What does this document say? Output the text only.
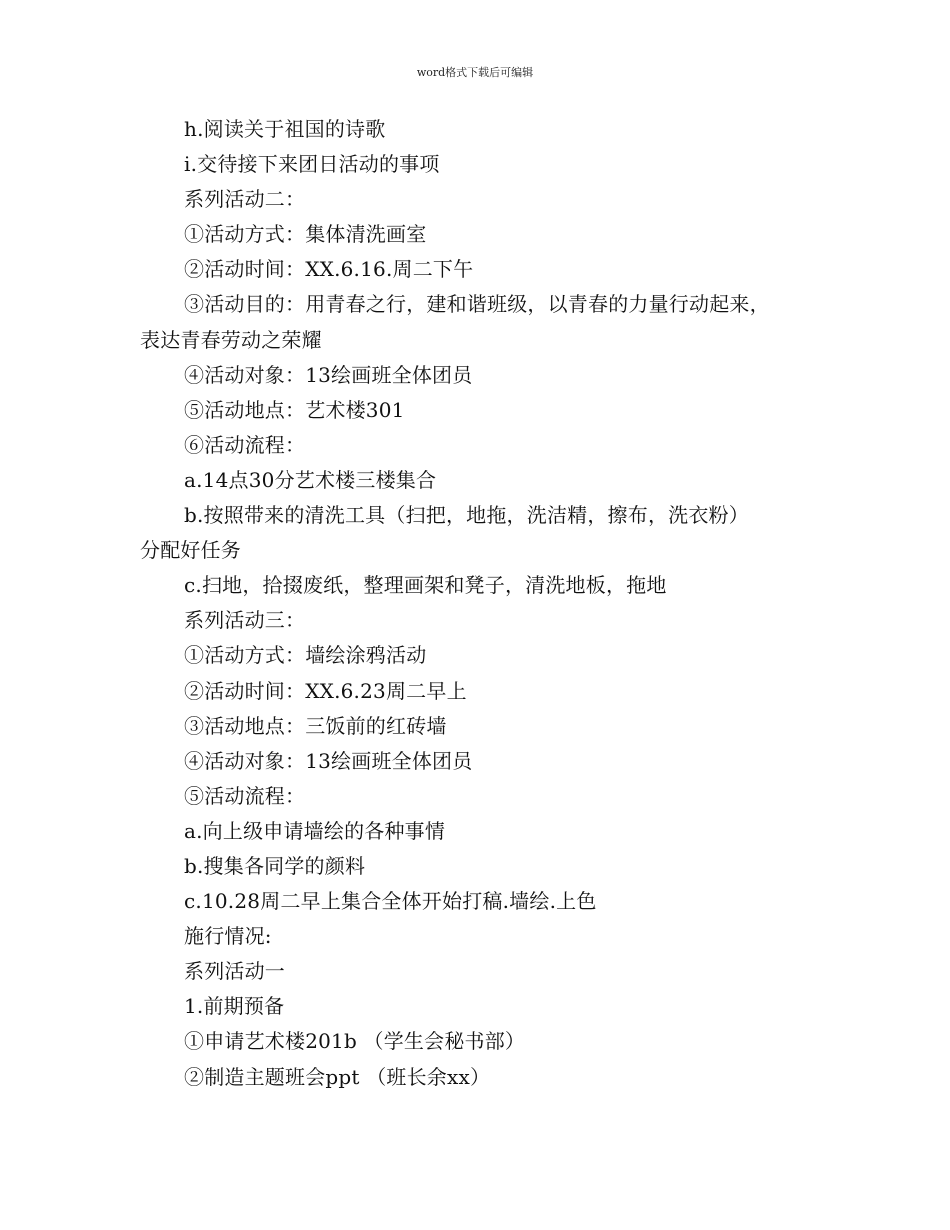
word格式下载后可编辑
h.阅读关于祖国的诗歌
i.交待接下来团日活动的事项
系列活动二：
①活动方式：集体清洗画室
②活动时间：XX.6.16.周二下午
③活动目的：用青春之行，建和谐班级，以青春的力量行动起来，
表达青春劳动之荣耀
④活动对象：13绘画班全体团员
⑤活动地点：艺术楼301
⑥活动流程：
a.14点30分艺术楼三楼集合
b.按照带来的清洗工具（扫把，地拖，洗洁精，擦布，洗衣粉）
分配好任务
c.扫地，拾掇废纸，整理画架和凳子，清洗地板，拖地
系列活动三：
①活动方式：墙绘涂鸦活动
②活动时间：XX.6.23周二早上
③活动地点：三饭前的红砖墙
④活动对象：13绘画班全体团员
⑤活动流程：
a.向上级申请墙绘的各种事情
b.搜集各同学的颜料
c.10.28周二早上集合全体开始打稿.墙绘.上色
施行情况:
系列活动一
1.前期预备
①申请艺术楼201b （学生会秘书部）
②制造主题班会ppt （班长余xx）
